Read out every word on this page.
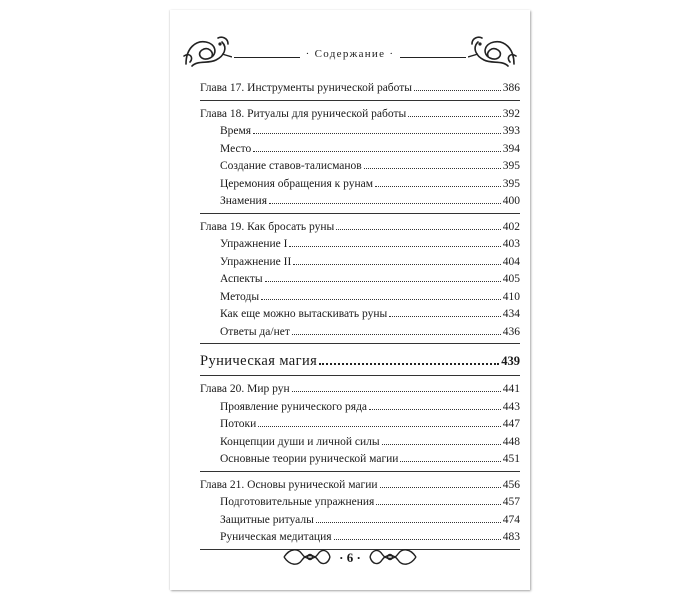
· Содержание ·
Глава 17. Инструменты рунической работы	386
Глава 18. Ритуалы для рунической работы	392
Время	393
Место	394
Создание ставов-талисманов	395
Церемония обращения к рунам	395
Знамения	400
Глава 19. Как бросать руны	402
Упражнение I	403
Упражнение II	404
Аспекты	405
Методы	410
Как еще можно вытаскивать руны	434
Ответы да/нет	436
Руническая магия	439
Глава 20. Мир рун	441
Проявление рунического ряда	443
Потоки	447
Концепции души и личной силы	448
Основные теории рунической магии	451
Глава 21. Основы рунической магии	456
Подготовительные упражнения	457
Защитные ритуалы	474
Руническая медитация	483
· 6 ·
